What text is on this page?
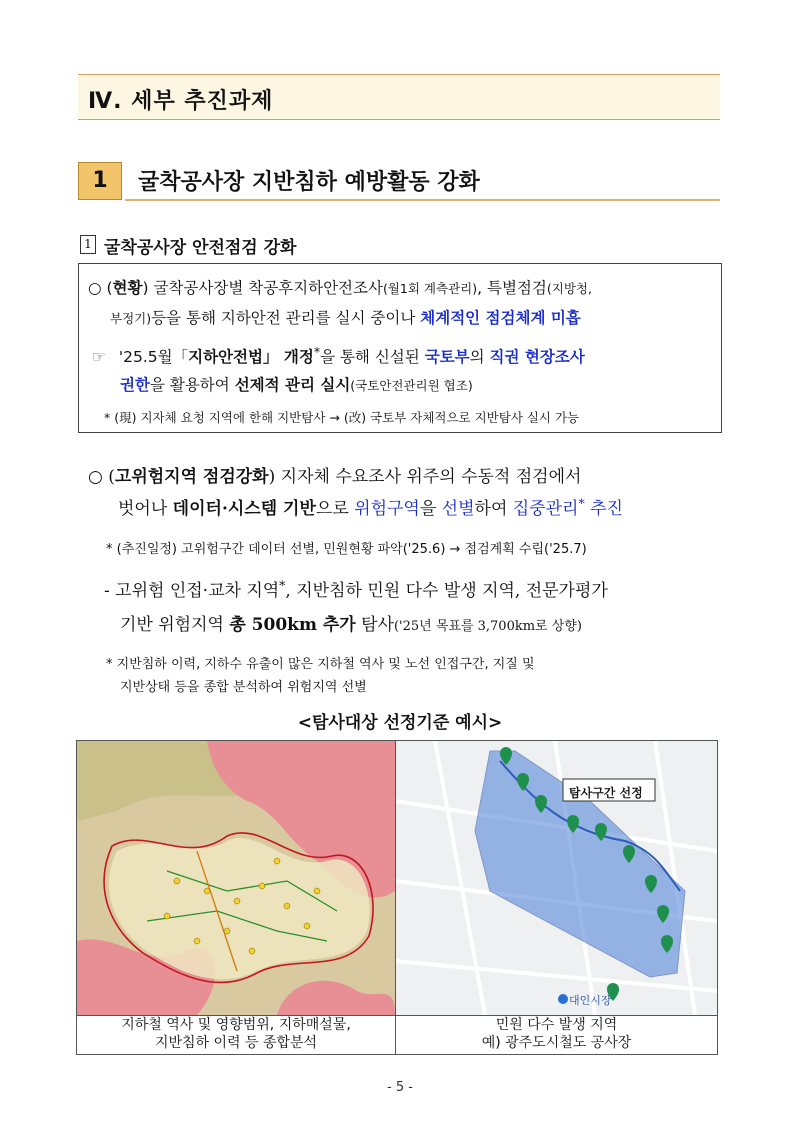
Ⅳ. 세부 추진과제
1	굴착공사장 지반침하 예방활동 강화
1 굴착공사장 안전점검 강화
○ (현황) 굴착공사장별 착공후지하안전조사(월1회 계측관리), 특별점검(지방청,
부정기)등을 통해 지하안전 관리를 실시 중이나 체계적인 점검체계 미흡
☞ '25.5월「지하안전법」 개정*을 통해 신설된 국토부의 직권 현장조사
권한을 활용하여 선제적 관리 실시(국토안전관리원 협조)
* (現) 지자체 요청 지역에 한해 지반탐사 → (改) 국토부 자체적으로 지반탐사 실시 가능
○ (고위험지역 점검강화) 지자체 수요조사 위주의 수동적 점검에서
벗어나 데이터·시스템 기반으로 위험구역을 선별하여 집중관리* 추진
* (추진일정) 고위험구간 데이터 선별, 민원현황 파악('25.6) → 점검계획 수립('25.7)
- 고위험 인접·교차 지역*, 지반침하 민원 다수 발생 지역, 전문가평가
기반 위험지역 총 500km 추가 탐사('25년 목표를 3,700km로 상향)
* 지반침하 이력, 지하수 유출이 많은 지하철 역사 및 노선 인접구간, 지질 및
지반상태 등을 종합 분석하여 위험지역 선별
<탐사대상 선정기준 예시>
탐사구간 선정
대인시장
지하철 역사 및 영향범위, 지하매설물,
지반침하 이력 등 종합분석
민원 다수 발생 지역
예) 광주도시철도 공사장
- 5 -
